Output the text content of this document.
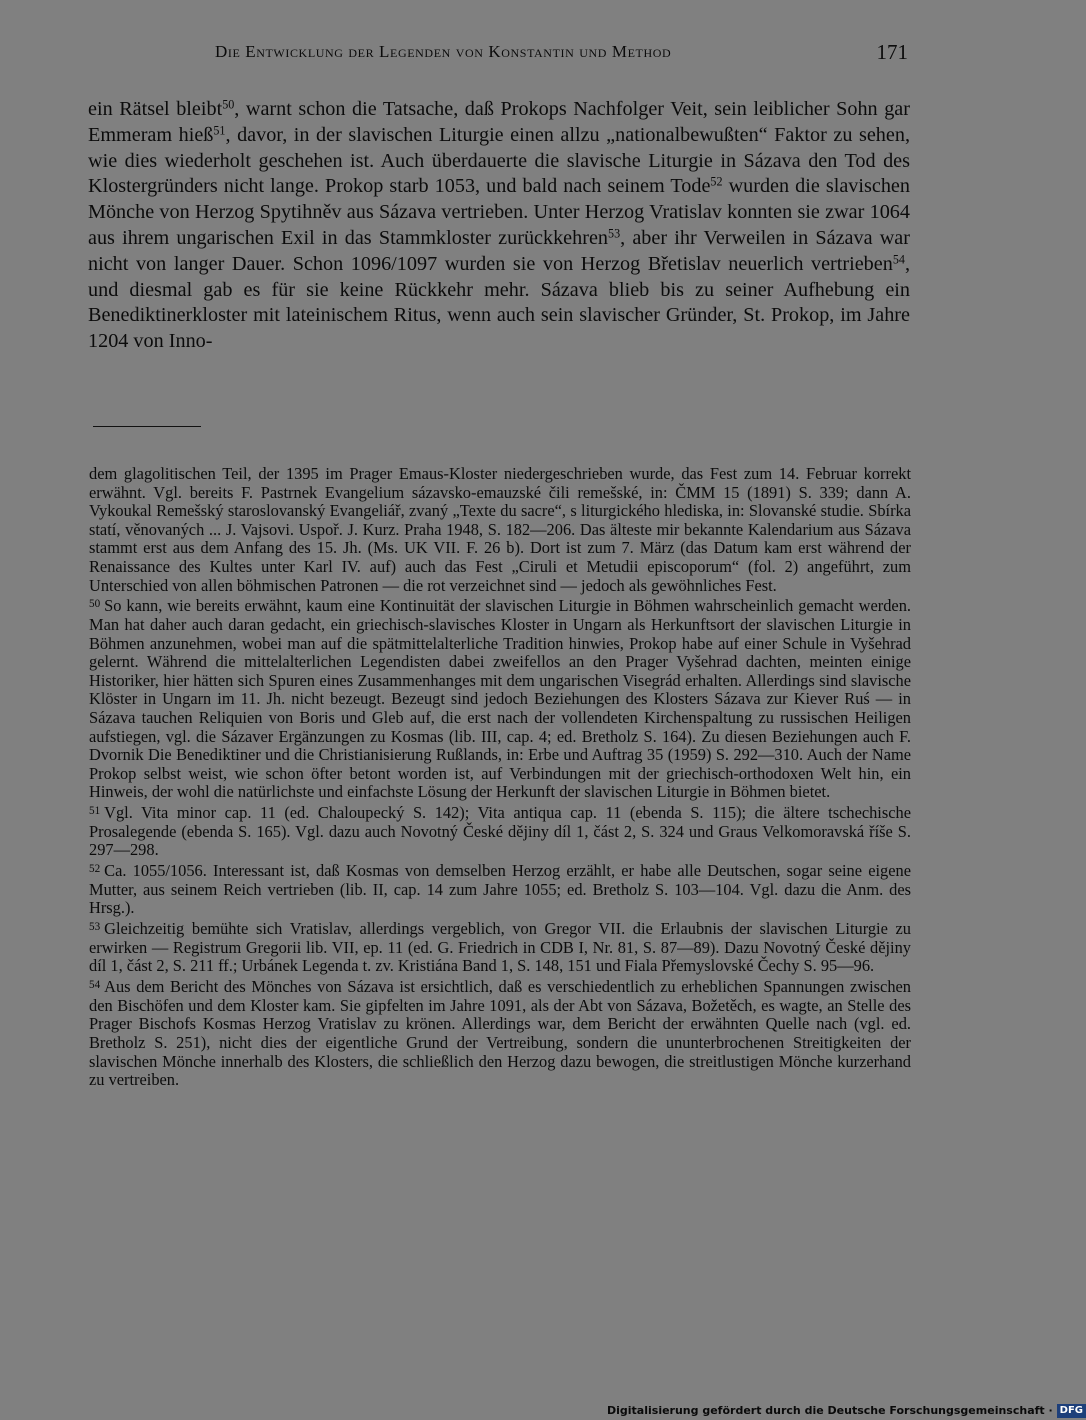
Die Entwicklung der Legenden von Konstantin und Method	171

ein Rätsel bleibt$^{50}$, warnt schon die Tatsache, daß Prokops Nachfolger Veit, sein leiblicher Sohn gar Emmeram hieß$^{51}$, davor, in der slavischen Liturgie einen allzu „nationalbewußten“ Faktor zu sehen, wie dies wiederholt geschehen ist. Auch überdauerte die slavische Liturgie in Sázava den Tod des Klostergründers nicht lange. Prokop starb 1053, und bald nach seinem Tode$^{52}$ wurden die slavischen Mönche von Herzog Spytihněv aus Sázava vertrieben. Unter Herzog Vratislav konnten sie zwar 1064 aus ihrem ungarischen Exil in das Stammkloster zurückkehren$^{53}$, aber ihr Verweilen in Sázava war nicht von langer Dauer. Schon 1096/1097 wurden sie von Herzog Břetislav neuerlich vertrieben$^{54}$, und diesmal gab es für sie keine Rückkehr mehr. Sázava blieb bis zu seiner Aufhebung ein Benediktinerkloster mit lateinischem Ritus, wenn auch sein slavischer Gründer, St. Prokop, im Jahre 1204 von Inno-

dem glagolitischen Teil, der 1395 im Prager Emaus-Kloster niedergeschrieben wurde, das Fest zum 14. Februar korrekt erwähnt. Vgl. bereits F. Pastrnek Evangelium sázavsko-emauzské čili remešské, in: ČMM 15 (1891) S. 339; dann A. Vykoukal Remešský staroslovanský Evangeliář, zvaný „Texte du sacre“, s liturgického hlediska, in: Slovanské studie. Sbírka statí, věnovaných ... J. Vajsovi. Uspoř. J. Kurz. Praha 1948, S. 182—206. Das älteste mir bekannte Kalendarium aus Sázava stammt erst aus dem Anfang des 15. Jh. (Ms. UK VII. F. 26 b). Dort ist zum 7. März (das Datum kam erst während der Renaissance des Kultes unter Karl IV. auf) auch das Fest „Ciruli et Metudii episcoporum“ (fol. 2) angeführt, zum Unterschied von allen böhmischen Patronen — die rot verzeichnet sind — jedoch als gewöhnliches Fest.

$^{50}$ So kann, wie bereits erwähnt, kaum eine Kontinuität der slavischen Liturgie in Böhmen wahrscheinlich gemacht werden. Man hat daher auch daran gedacht, ein griechisch-slavisches Kloster in Ungarn als Herkunftsort der slavischen Liturgie in Böhmen anzunehmen, wobei man auf die spätmittelalterliche Tradition hinwies, Prokop habe auf einer Schule in Vyšehrad gelernt. Während die mittelalterlichen Legendisten dabei zweifellos an den Prager Vyšehrad dachten, meinten einige Historiker, hier hätten sich Spuren eines Zusammenhanges mit dem ungarischen Visegrád erhalten. Allerdings sind slavische Klöster in Ungarn im 11. Jh. nicht bezeugt. Bezeugt sind jedoch Beziehungen des Klosters Sázava zur Kiever Ruś — in Sázava tauchen Reliquien von Boris und Gleb auf, die erst nach der vollendeten Kirchenspaltung zu russischen Heiligen aufstiegen, vgl. die Sázaver Ergänzungen zu Kosmas (lib. III, cap. 4; ed. Bretholz S. 164). Zu diesen Beziehungen auch F. Dvornik Die Benediktiner und die Christianisierung Rußlands, in: Erbe und Auftrag 35 (1959) S. 292—310. Auch der Name Prokop selbst weist, wie schon öfter betont worden ist, auf Verbindungen mit der griechisch-orthodoxen Welt hin, ein Hinweis, der wohl die natürlichste und einfachste Lösung der Herkunft der slavischen Liturgie in Böhmen bietet.

$^{51}$ Vgl. Vita minor cap. 11 (ed. Chaloupecký S. 142); Vita antiqua cap. 11 (ebenda S. 115); die ältere tschechische Prosalegende (ebenda S. 165). Vgl. dazu auch Novotný České dějiny díl 1, část 2, S. 324 und Graus Velkomoravská říše S. 297—298.

$^{52}$ Ca. 1055/1056. Interessant ist, daß Kosmas von demselben Herzog erzählt, er habe alle Deutschen, sogar seine eigene Mutter, aus seinem Reich vertrieben (lib. II, cap. 14 zum Jahre 1055; ed. Bretholz S. 103—104. Vgl. dazu die Anm. des Hrsg.).

$^{53}$ Gleichzeitig bemühte sich Vratislav, allerdings vergeblich, von Gregor VII. die Erlaubnis der slavischen Liturgie zu erwirken — Registrum Gregorii lib. VII, ep. 11 (ed. G. Friedrich in CDB I, Nr. 81, S. 87—89). Dazu Novotný České dějiny díl 1, část 2, S. 211 ff.; Urbánek Legenda t. zv. Kristiána Band 1, S. 148, 151 und Fiala Přemyslovské Čechy S. 95—96.

$^{54}$ Aus dem Bericht des Mönches von Sázava ist ersichtlich, daß es verschiedentlich zu erheblichen Spannungen zwischen den Bischöfen und dem Kloster kam. Sie gipfelten im Jahre 1091, als der Abt von Sázava, Božetěch, es wagte, an Stelle des Prager Bischofs Kosmas Herzog Vratislav zu krönen. Allerdings war, dem Bericht der erwähnten Quelle nach (vgl. ed. Bretholz S. 251), nicht dies der eigentliche Grund der Vertreibung, sondern die ununterbrochenen Streitigkeiten der slavischen Mönche innerhalb des Klosters, die schließlich den Herzog dazu bewogen, die streitlustigen Mönche kurzerhand zu vertreiben.

Digitalisierung gefördert durch die Deutsche Forschungsgemeinschaft · DFG
